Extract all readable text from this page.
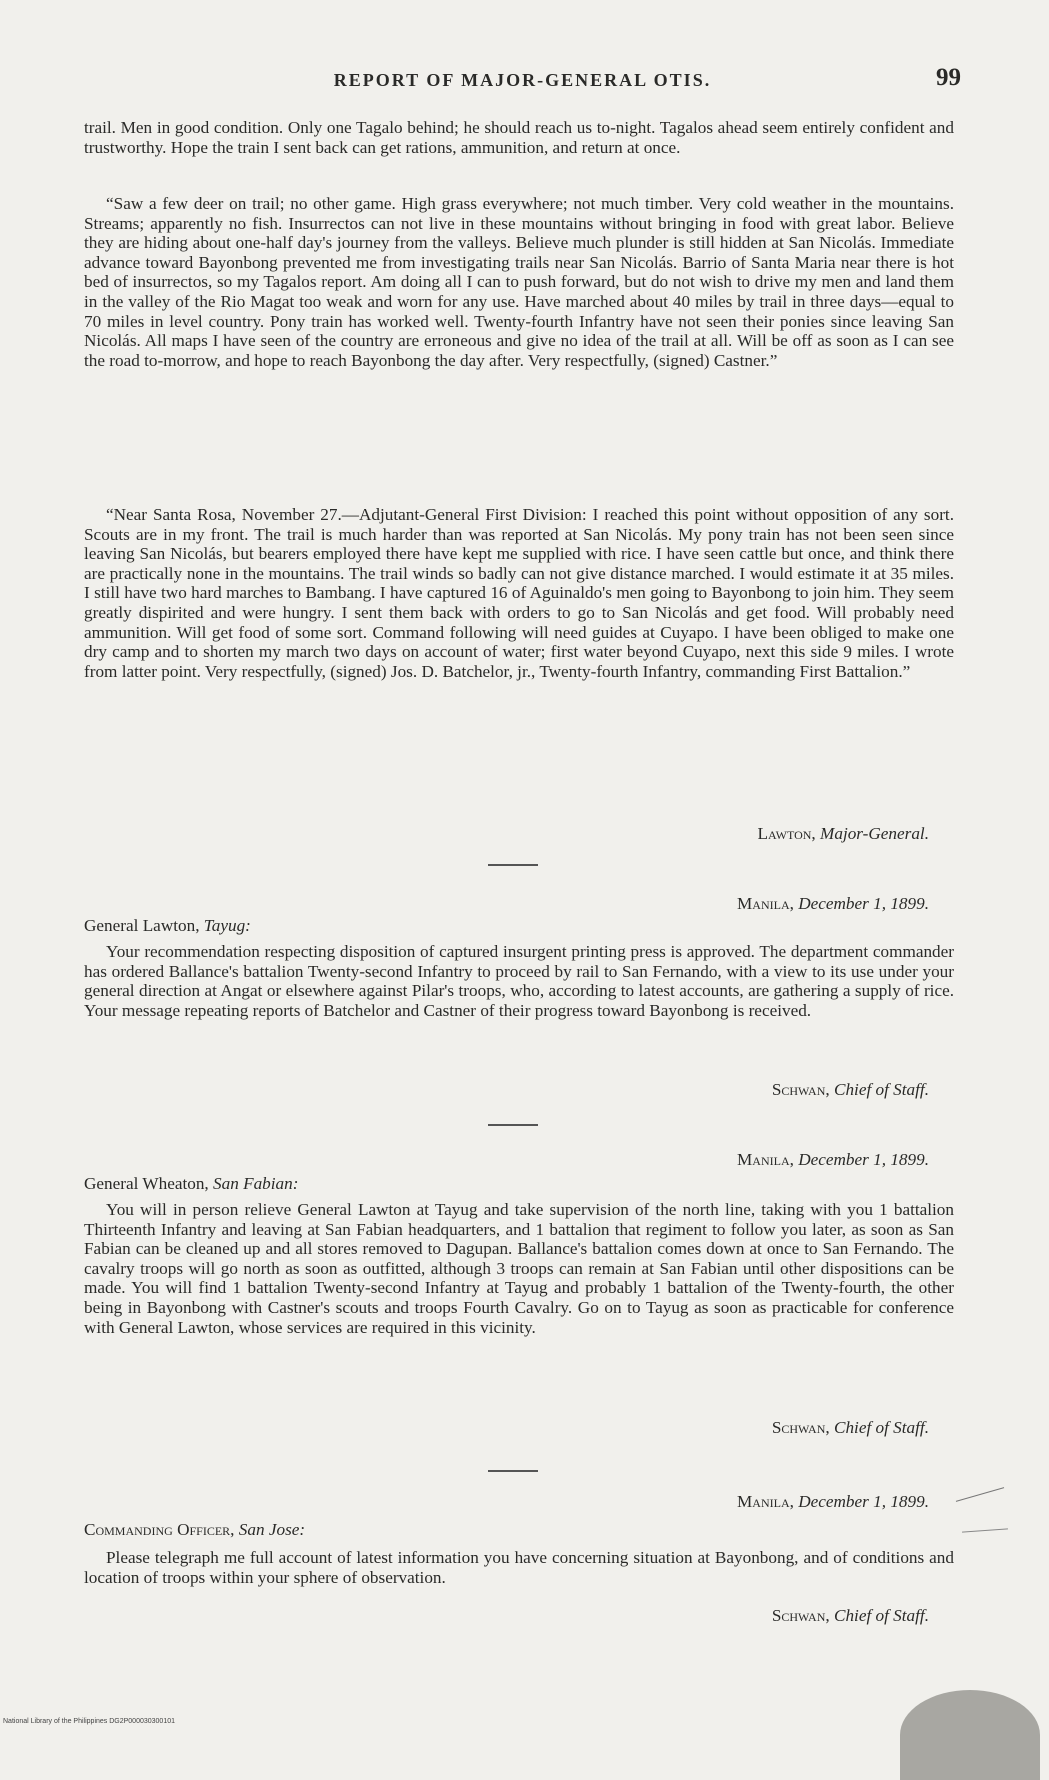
REPORT OF MAJOR-GENERAL OTIS.	99

trail. Men in good condition. Only one Tagalo behind; he should reach us to-night. Tagalos ahead seem entirely confident and trustworthy. Hope the train I sent back can get rations, ammunition, and return at once.

“Saw a few deer on trail; no other game. High grass everywhere; not much timber. Very cold weather in the mountains. Streams; apparently no fish. Insurrectos can not live in these mountains without bringing in food with great labor. Believe they are hiding about one-half day's journey from the valleys. Believe much plunder is still hidden at San Nicolás. Immediate advance toward Bayonbong prevented me from investigating trails near San Nicolás. Barrio of Santa Maria near there is hot bed of insurrectos, so my Tagalos report. Am doing all I can to push forward, but do not wish to drive my men and land them in the valley of the Rio Magat too weak and worn for any use. Have marched about 40 miles by trail in three days—equal to 70 miles in level country. Pony train has worked well. Twenty-fourth Infantry have not seen their ponies since leaving San Nicolás. All maps I have seen of the country are erroneous and give no idea of the trail at all. Will be off as soon as I can see the road to-morrow, and hope to reach Bayonbong the day after. Very respectfully, (signed) Castner.”

“Near Santa Rosa, November 27.—Adjutant-General First Division: I reached this point without opposition of any sort. Scouts are in my front. The trail is much harder than was reported at San Nicolás. My pony train has not been seen since leaving San Nicolás, but bearers employed there have kept me supplied with rice. I have seen cattle but once, and think there are practically none in the mountains. The trail winds so badly can not give distance marched. I would estimate it at 35 miles. I still have two hard marches to Bambang. I have captured 16 of Aguinaldo's men going to Bayonbong to join him. They seem greatly dispirited and were hungry. I sent them back with orders to go to San Nicolás and get food. Will probably need ammunition. Will get food of some sort. Command following will need guides at Cuyapo. I have been obliged to make one dry camp and to shorten my march two days on account of water; first water beyond Cuyapo, next this side 9 miles. I wrote from latter point. Very respectfully, (signed) Jos. D. Batchelor, jr., Twenty-fourth Infantry, commanding First Battalion.”

Lawton, Major-General.

Manila, December 1, 1899.

General Lawton, Tayug:

Your recommendation respecting disposition of captured insurgent printing press is approved. The department commander has ordered Ballance's battalion Twenty-second Infantry to proceed by rail to San Fernando, with a view to its use under your general direction at Angat or elsewhere against Pilar's troops, who, according to latest accounts, are gathering a supply of rice. Your message repeating reports of Batchelor and Castner of their progress toward Bayonbong is received.

Schwan, Chief of Staff.

Manila, December 1, 1899.

General Wheaton, San Fabian:

You will in person relieve General Lawton at Tayug and take supervision of the north line, taking with you 1 battalion Thirteenth Infantry and leaving at San Fabian headquarters, and 1 battalion that regiment to follow you later, as soon as San Fabian can be cleaned up and all stores removed to Dagupan. Ballance's battalion comes down at once to San Fernando. The cavalry troops will go north as soon as outfitted, although 3 troops can remain at San Fabian until other dispositions can be made. You will find 1 battalion Twenty-second Infantry at Tayug and probably 1 battalion of the Twenty-fourth, the other being in Bayonbong with Castner's scouts and troops Fourth Cavalry. Go on to Tayug as soon as practicable for conference with General Lawton, whose services are required in this vicinity.

Schwan, Chief of Staff.

Manila, December 1, 1899.

Commanding Officer, San Jose:

Please telegraph me full account of latest information you have concerning situation at Bayonbong, and of conditions and location of troops within your sphere of observation.

Schwan, Chief of Staff.

National Library of the Philippines DG2P000030300101
